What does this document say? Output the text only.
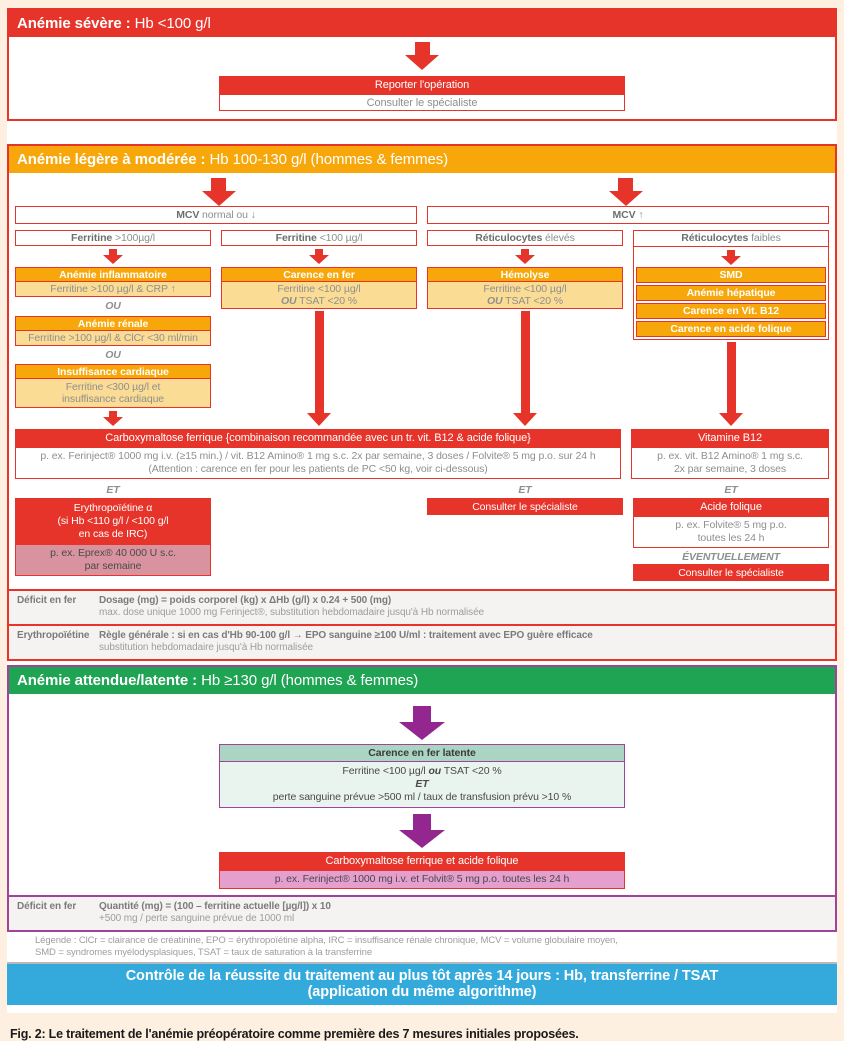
Anémie sévère : Hb <100 g/l
Reporter l'opération
Consulter le spécialiste
Anémie légère à modérée : Hb 100-130 g/l (hommes & femmes)
MCV normal ou ↓	MCV ↑
Ferritine >100µg/l
Anémie inflammatoire
Ferritine >100 µg/l & CRP ↑
OU
Anémie rénale
Ferritine >100 µg/l & ClCr <30 ml/min
OU
Insuffisance cardiaque
Ferritine <300 µg/l et insuffisance cardiaque
Ferritine <100 µg/l
Carence en fer
Ferritine <100 µg/l
OU TSAT <20 %
Réticulocytes élevés
Hémolyse
Ferritine <100 µg/l
OU TSAT <20 %
Réticulocytes faibles
SMD
Anémie hépatique
Carence en Vit. B12
Carence en acide folique
Carboxymaltose ferrique {combinaison recommandée avec un tr. vit. B12 & acide folique}
p. ex. Ferinject® 1000 mg i.v. (≥15 min.) / vit. B12 Amino® 1 mg s.c. 2x par semaine, 3 doses / Folvite® 5 mg p.o. sur 24 h
(Attention : carence en fer pour les patients de PC <50 kg, voir ci-dessous)
Vitamine B12
p. ex. vit. B12 Amino® 1 mg s.c.
2x par semaine, 3 doses
ET
Erythropoïétine α
(si Hb <110 g/l / <100 g/l
en cas de IRC)
p. ex. Eprex® 40 000 U s.c.
par semaine
ET
Consulter le spécialiste
ET
Acide folique
p. ex. Folvite® 5 mg p.o.
toutes les 24 h
ÉVENTUELLEMENT
Consulter le spécialiste
Déficit en fer	Dosage (mg) = poids corporel (kg) x ΔHb (g/l) x 0.24 + 500 (mg)
max. dose unique 1000 mg Ferinject®, substitution hebdomadaire jusqu'à Hb normalisée
Erythropoïétine Règle générale : si en cas d'Hb 90-100 g/l → EPO sanguine ≥100 U/ml : traitement avec EPO guère efficace
substitution hebdomadaire jusqu'à Hb normalisée
Anémie attendue/latente : Hb ≥130 g/l (hommes & femmes)
Carence en fer latente
Ferritine <100 µg/l ou TSAT <20 %
ET
perte sanguine prévue >500 ml / taux de transfusion prévu >10 %
Carboxymaltose ferrique et acide folique
p. ex. Ferinject® 1000 mg i.v. et Folvit® 5 mg p.o. toutes les 24 h
Déficit en fer	Quantité (mg) = (100 – ferritine actuelle [µg/l]) x 10
+500 mg / perte sanguine prévue de 1000 ml
Légende : ClCr = clairance de créatinine, EPO = érythropoïétine alpha, IRC = insuffisance rénale chronique, MCV = volume globulaire moyen,
SMD = syndromes myélodysplasiques, TSAT = taux de saturation à la transferrine
Contrôle de la réussite du traitement au plus tôt après 14 jours : Hb, transferrine / TSAT
(application du même algorithme)
Fig. 2: Le traitement de l'anémie préopératoire comme première des 7 mesures initiales proposées.
